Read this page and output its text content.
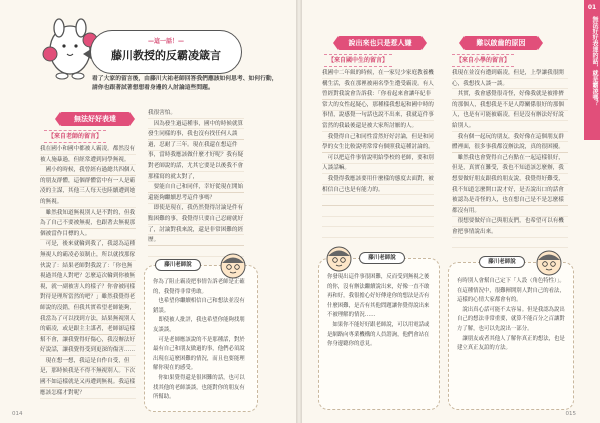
—這一話！—
藤川教授的反霸凌箴言
看了大家的留言後，由藤川大祐老師回答我們應該如何思考、如何行動，請你也跟著試著想想看身邊的人討論這些問題。
無法好好表達
【來自老師的留言】
我在國小和國中都被人霸凌。都然沒有被人施暴過，但經常遭到同學無視。
　國小的時候，我曾經有過總共四個人的朋友群體，這個群體當中有一人是霸凌的主謀，其他三人每天也陸續遭到她的無視。
　雖然我知道無視別人是不對的，但我為了自己不要被無視，也跟著去無視那個被當作目標的人。
　可是，後來就輪到我了，我認為這種無視人的霸凌必須制止，所以就找那傢伙說了：結果老師對我說了：「你也無視過其他人對吧？怎麼這次輪到你被無視，就一副被害人的樣子？你會被同樣對待是理所當然的吧？」雖然我覺得老師說的沒錯，但我其實希望老師能夠，我當為了可以找到方法，結果無視別人的霸凌，或是跟主主謀者，老師卻這樣幫不會，讓我覺得好傷心，我沒辦法好好說話，讓我覺得受到更深的傷害……
　現在想一想，我這是自作自受，但是，那時候我是不得不無視別人。下次國不如這樣就是又再遭到無視。我這樣應該怎樣才對呢？
我很害怕。
　因為發生過這種事，國中的時候就算發生同樣的事，我也沒有找任何人談過，忍耐了三年。現在我還在想這件事，當時我應該做什麼才好呢？我有疑對老師說的話，尤其它要是以後我不會那樣寫的就太對了，
　要能自自己和同伴，幸好從現在開始還能夠繼續思考這件事嗎？
　即使是現在，我仍然覺得討論是件有點困難的事，我覺得只要自己忍耐就好了，討論對我來說，還是非常困難的經歷。
藤川老師說
你為了阻止霸凌把事情告訴老師是正確的，我覺得非常勇敢。
　也希望你繼續相信自己和想法並沒有錯誤。
　即使被人批評，我也希望你能夠找朋友談談，
　可是老師應該說的不是那種話，對於最有自己和朋友做過的事，他們必須說出現在這麼困難的情況，而且也要能理解你現在的感受。
　你如果覺得還是很困難的話，也可以找其他的老師談談，也能對你的朋友有所幫助。
014
說出來也只是惹人嫌
【來自國中生的留言】
我國中二年級的時候，在一家兒少家庭教養機構生活，我在那裡被兩名學生遭受霸凌。有人曾經對我說會告訴我：「你看起來會讓年紀非常大的女性起疑心，那種樣我想起和國中時的事情，說感覺一句話也說不出來，我就這件事當然的我最後還是被大家所討厭的人。
　我覺得自己和同性當然好好討論，但是和同學的女生比較說明常常有個照我這種討論的。
　可以把這件事情說明給學校的老師，要和別人談話嘛。
　我覺得我應該要用什麼樣的態度去面對，被相信自己也是有能力的。
藤川老師說
你發現出這件事很困難，反而受到無視之後的你，沒有辦法繼續說出來，好像一直不敢再和好，我很擔心好好傳達你的想法是否有什麼困難，是否有其他問題讓你覺得說出來不被理解的情況……
　如果你不能好好跟老師說，可以用電話或是網路向專業機構的人員諮詢，他們會站在你身邊聽你的意見。
難以啟齒的原因
【來自小學的留言】
我現在並沒有遭到霸凌，但是，上學讓我很開心，我想找人談一談。
　其實，我會感覺很奇怪，好像我就是被排擠的那個人，我想我是不是人際關係很好的那個人，也是有可能被霸凌，但是沒有辦法好好說給別人。
　我有個一起玩的朋友，我好像在這個朋友群體裡面，很多事我都沒辦法說，真的很困擾。
　雖然我也會覺得自己有點在一起這樣很好，但是，真實在難受，我也不知道該怎麼辦，我想要做好朋友跟我的朋友說，我覺得好難受，我不知道怎麼開口說才好，是否說出口的話會被認為是奇怪的人，也在想自己是不是怎麼樣都沒有用。
　很想要做好自己與朋友們，也希望可以有機會把事情說出來。
藤川老師說
有時別人會幫自己定下「人設（角色特性）」。在這種情況中，很難揮開別人對自己的看法，這樣的心情大家都會有的。
　說出真心話可能不太容易。但是我認為說出自己的想法非常重要，就算不能百分之百讓對方了解，也可以先說出一部分。
　讓朋友或者其他人了解你真正的想法，也是建立真正友誼的方法。
01
無法好好表達的話，就是霸凌嗎？
015
